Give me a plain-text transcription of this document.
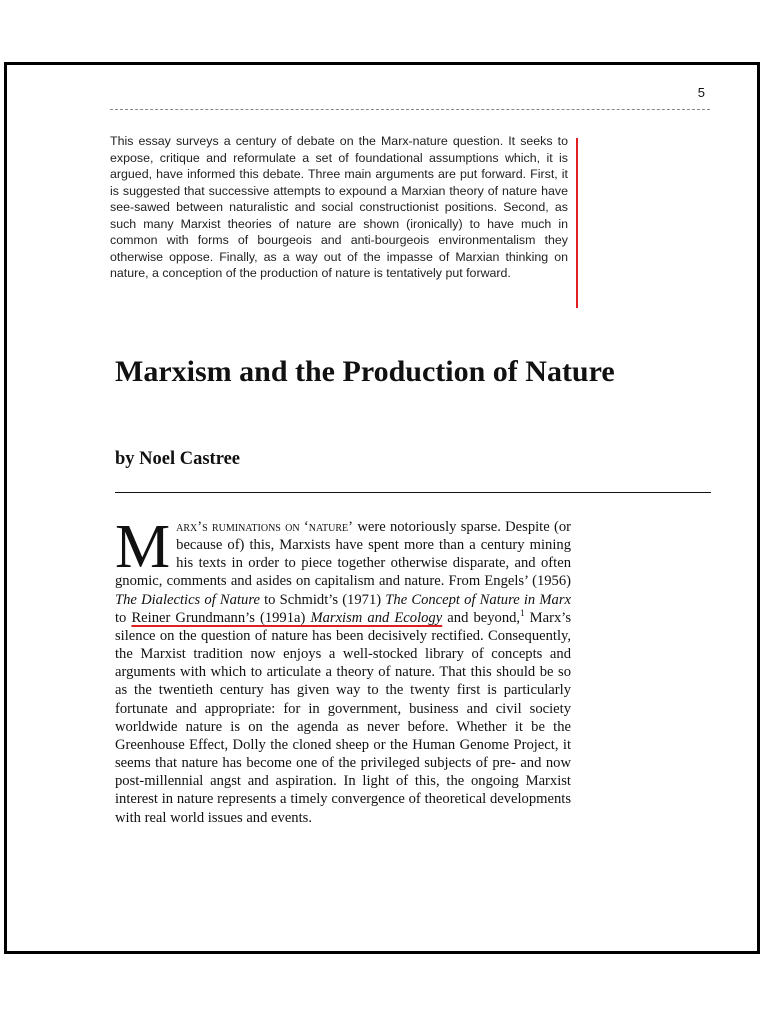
5
This essay surveys a century of debate on the Marx-nature question. It seeks to expose, critique and reformulate a set of foundational assumptions which, it is argued, have informed this debate. Three main arguments are put forward. First, it is suggested that successive attempts to expound a Marxian theory of nature have see-sawed between naturalistic and social constructionist positions. Second, as such many Marxist theories of nature are shown (ironically) to have much in common with forms of bourgeois and anti-bourgeois environmentalism they otherwise oppose. Finally, as a way out of the impasse of Marxian thinking on nature, a conception of the production of nature is tentatively put forward.
Marxism and the Production of Nature
by Noel Castree
Marx’s ruminations on ‘nature’ were notoriously sparse. Despite (or because of) this, Marxists have spent more than a century mining his texts in order to piece together otherwise disparate, and often gnomic, comments and asides on capitalism and nature. From Engels’ (1956) The Dialectics of Nature to Schmidt’s (1971) The Concept of Nature in Marx to Reiner Grundmann’s (1991a) Marxism and Ecology and beyond,$^1$ Marx’s silence on the question of nature has been decisively rectified. Consequently, the Marxist tradition now enjoys a well-stocked library of concepts and arguments with which to articulate a theory of nature. That this should be so as the twentieth century has given way to the twenty first is particularly fortunate and appropriate: for in government, business and civil society worldwide nature is on the agenda as never before. Whether it be the Greenhouse Effect, Dolly the cloned sheep or the Human Genome Project, it seems that nature has become one of the privileged subjects of pre- and now post-millennial angst and aspiration. In light of this, the ongoing Marxist interest in nature represents a timely convergence of theoretical developments with real world issues and events.
